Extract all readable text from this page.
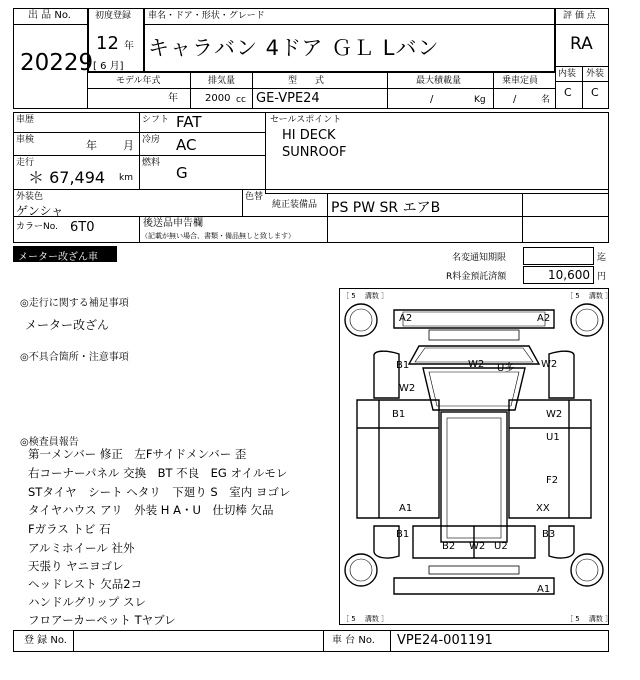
出 品 No.
20229
初度登録
12 年
[ 6 月]
車名・ドア・形状・グレード
キャラバン 4ドア ＧＬ Lバン
評 価 点
RA
内装 外装
C C
モデル年式
年
排気量
2000 cc
型　　式
GE-VPE24
最大積載量
/	Kg
乗車定員
/	名
車歴	シフト FAT
車検	年 月 冷房 AC
走行
＊ 67,494 km
燃料
G
セールスポイント
HI DECK
SUNROOF
外装色
ゲンシャ
色替
純正装備品 PS PW SR エアB
カラーNo. 6T0	後送品申告欄
（記載が無い場合、書類・備品無しと致します）
メーター改ざん車	名変通知期限	迄
R料金預託済額	10,600 円
◎走行に関する補足事項
メーター改ざん
◎不具合箇所・注意事項
◎検査員報告
第一メンバー 修正　左Fサイドメンバー 歪
右コーナーパネル 交換　BT 不良　EG オイルモレ
STタイヤ　シート ヘタリ　下廻り S　室内 ヨゴレ
タイヤハウス アリ　外装 H A・U　仕切棒 欠品
Fガラス トビ 石
アルミホイール 社外
天張り ヤニヨゴレ
ヘッドレスト 欠品2コ
ハンドルグリップ スレ
フロアーカーペット Tヤブレ
［ 5 　溝数 ］	［ 5 　溝数 ］
［ 5 　溝数 ］	［ 5 　溝数 ］
A2	A2
B1
W2
W2 U多	W2
B1	W2
U1
F2
A1	XX
B1
B2 W2 U2
B3
A1
登 録 No.	車 台 No. VPE24-001191
